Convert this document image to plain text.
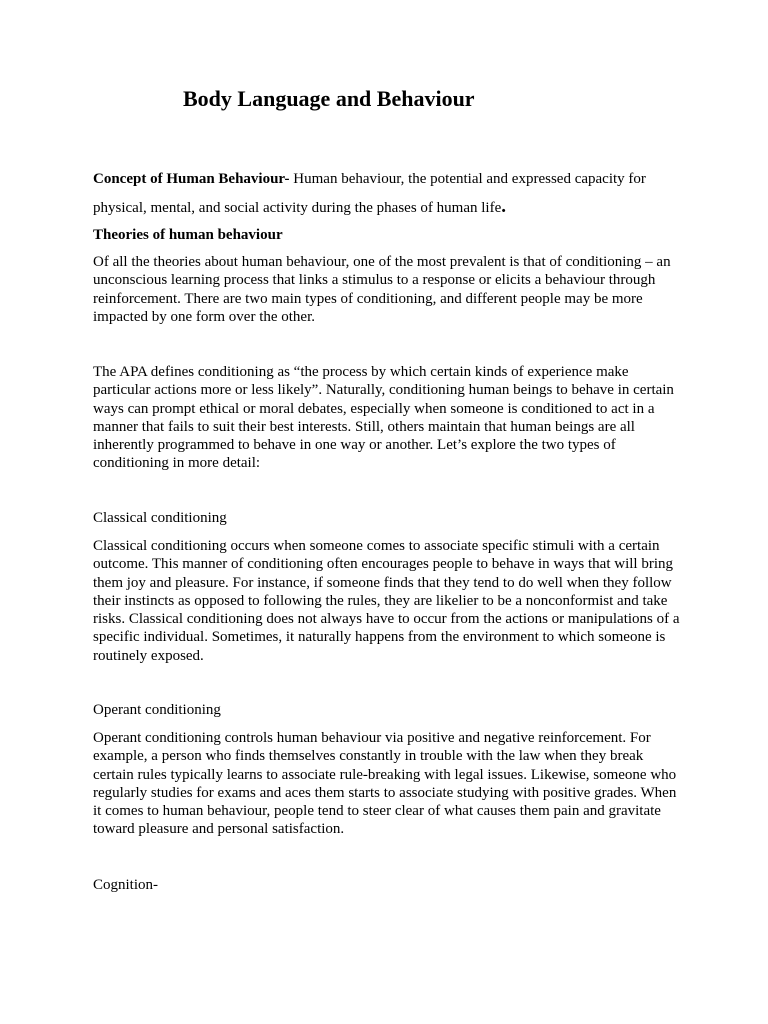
Body Language and Behaviour

Concept of Human Behaviour- Human behaviour, the potential and expressed capacity for physical, mental, and social activity during the phases of human life.

Theories of human behaviour

Of all the theories about human behaviour, one of the most prevalent is that of conditioning – an unconscious learning process that links a stimulus to a response or elicits a behaviour through reinforcement. There are two main types of conditioning, and different people may be more impacted by one form over the other.

The APA defines conditioning as “the process by which certain kinds of experience make particular actions more or less likely”. Naturally, conditioning human beings to behave in certain ways can prompt ethical or moral debates, especially when someone is conditioned to act in a manner that fails to suit their best interests. Still, others maintain that human beings are all inherently programmed to behave in one way or another. Let’s explore the two types of conditioning in more detail:

Classical conditioning

Classical conditioning occurs when someone comes to associate specific stimuli with a certain outcome. This manner of conditioning often encourages people to behave in ways that will bring them joy and pleasure. For instance, if someone finds that they tend to do well when they follow their instincts as opposed to following the rules, they are likelier to be a nonconformist and take risks. Classical conditioning does not always have to occur from the actions or manipulations of a specific individual. Sometimes, it naturally happens from the environment to which someone is routinely exposed.

Operant conditioning

Operant conditioning controls human behaviour via positive and negative reinforcement. For example, a person who finds themselves constantly in trouble with the law when they break certain rules typically learns to associate rule-breaking with legal issues. Likewise, someone who regularly studies for exams and aces them starts to associate studying with positive grades. When it comes to human behaviour, people tend to steer clear of what causes them pain and gravitate toward pleasure and personal satisfaction.

Cognition-
